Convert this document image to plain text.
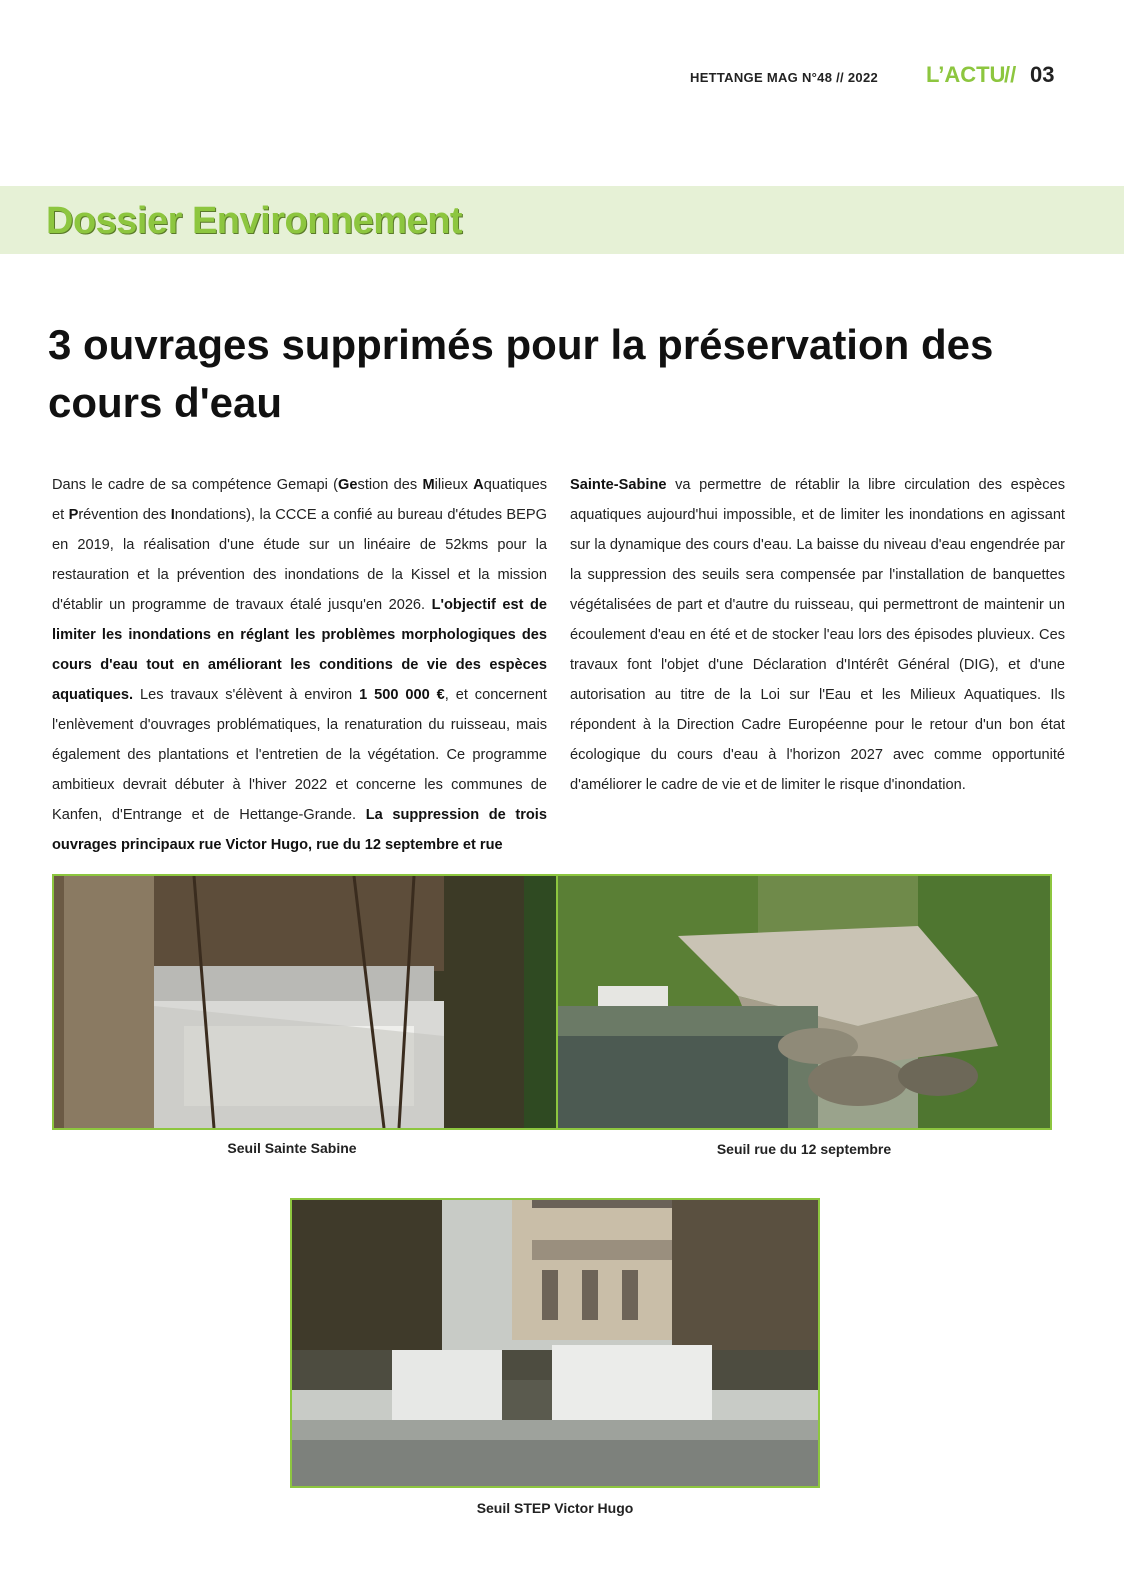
HETTANGE MAG N°48 // 2022 L’ACTU
// 03
Dossier Environnement
3 ouvrages supprimés pour la préservation des cours d'eau
Dans le cadre de sa compétence Gemapi (Gestion des Milieux Aquatiques et Prévention des Inondations), la CCCE a confié au bureau d'études BEPG en 2019, la réalisation d'une étude sur un linéaire de 52kms pour la restauration et la prévention des inondations de la Kissel et la mission d'établir un programme de travaux étalé jusqu'en 2026. L'objectif est de limiter les inondations en réglant les problèmes morphologiques des cours d'eau tout en améliorant les conditions de vie des espèces aquatiques. Les travaux s'élèvent à environ 1 500 000 €, et concernent l'enlèvement d'ouvrages problématiques, la renaturation du ruisseau, mais également des plantations et l'entretien de la végétation. Ce programme ambitieux devrait débuter à l'hiver 2022 et concerne les communes de Kanfen, d'Entrange et de Hettange-Grande. La suppression de trois ouvrages principaux rue Victor Hugo, rue du 12 septembre et rue
Sainte-Sabine va permettre de rétablir la libre circulation des espèces aquatiques aujourd'hui impossible, et de limiter les inondations en agissant sur la dynamique des cours d'eau. La baisse du niveau d'eau engendrée par la suppression des seuils sera compensée par l'installation de banquettes végétalisées de part et d'autre du ruisseau, qui permettront de maintenir un écoulement d'eau en été et de stocker l'eau lors des épisodes pluvieux. Ces travaux font l'objet d'une Déclaration d'Intérêt Général (DIG), et d'une autorisation au titre de la Loi sur l'Eau et les Milieux Aquatiques. Ils répondent à la Direction Cadre Européenne pour le retour d'un bon état écologique du cours d'eau à l'horizon 2027 avec comme opportunité d'améliorer le cadre de vie et de limiter le risque d'inondation.
Seuil Sainte Sabine	Seuil rue du 12 septembre
Seuil STEP Victor Hugo
